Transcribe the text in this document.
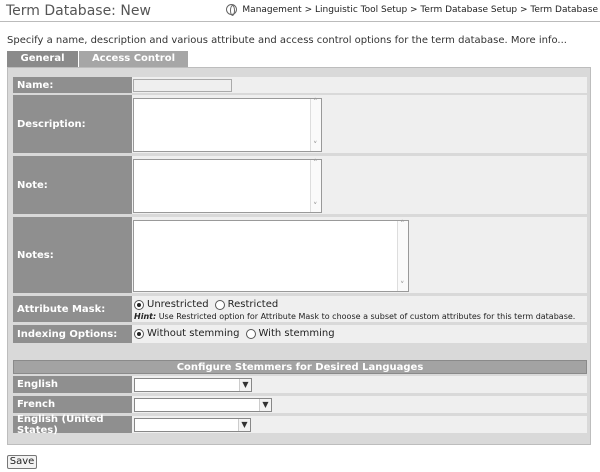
Term Database: New	Management > Linguistic Tool Setup > Term Database Setup > Term Database
Specify a name, description and various attribute and access control options for the term database. More info...
General	Access Control
Name:
Description:
˄ ˅
Note:
˄ ˅
Notes:
˄ ˅
Attribute Mask:	Unrestricted Restricted
Hint: Use Restricted option for Attribute Mask to choose a subset of custom attributes for this term database.
Indexing Options:	Without stemming With stemming
Configure Stemmers for Desired Languages
English	▼
French	▼
English (United States)	▼
Save
